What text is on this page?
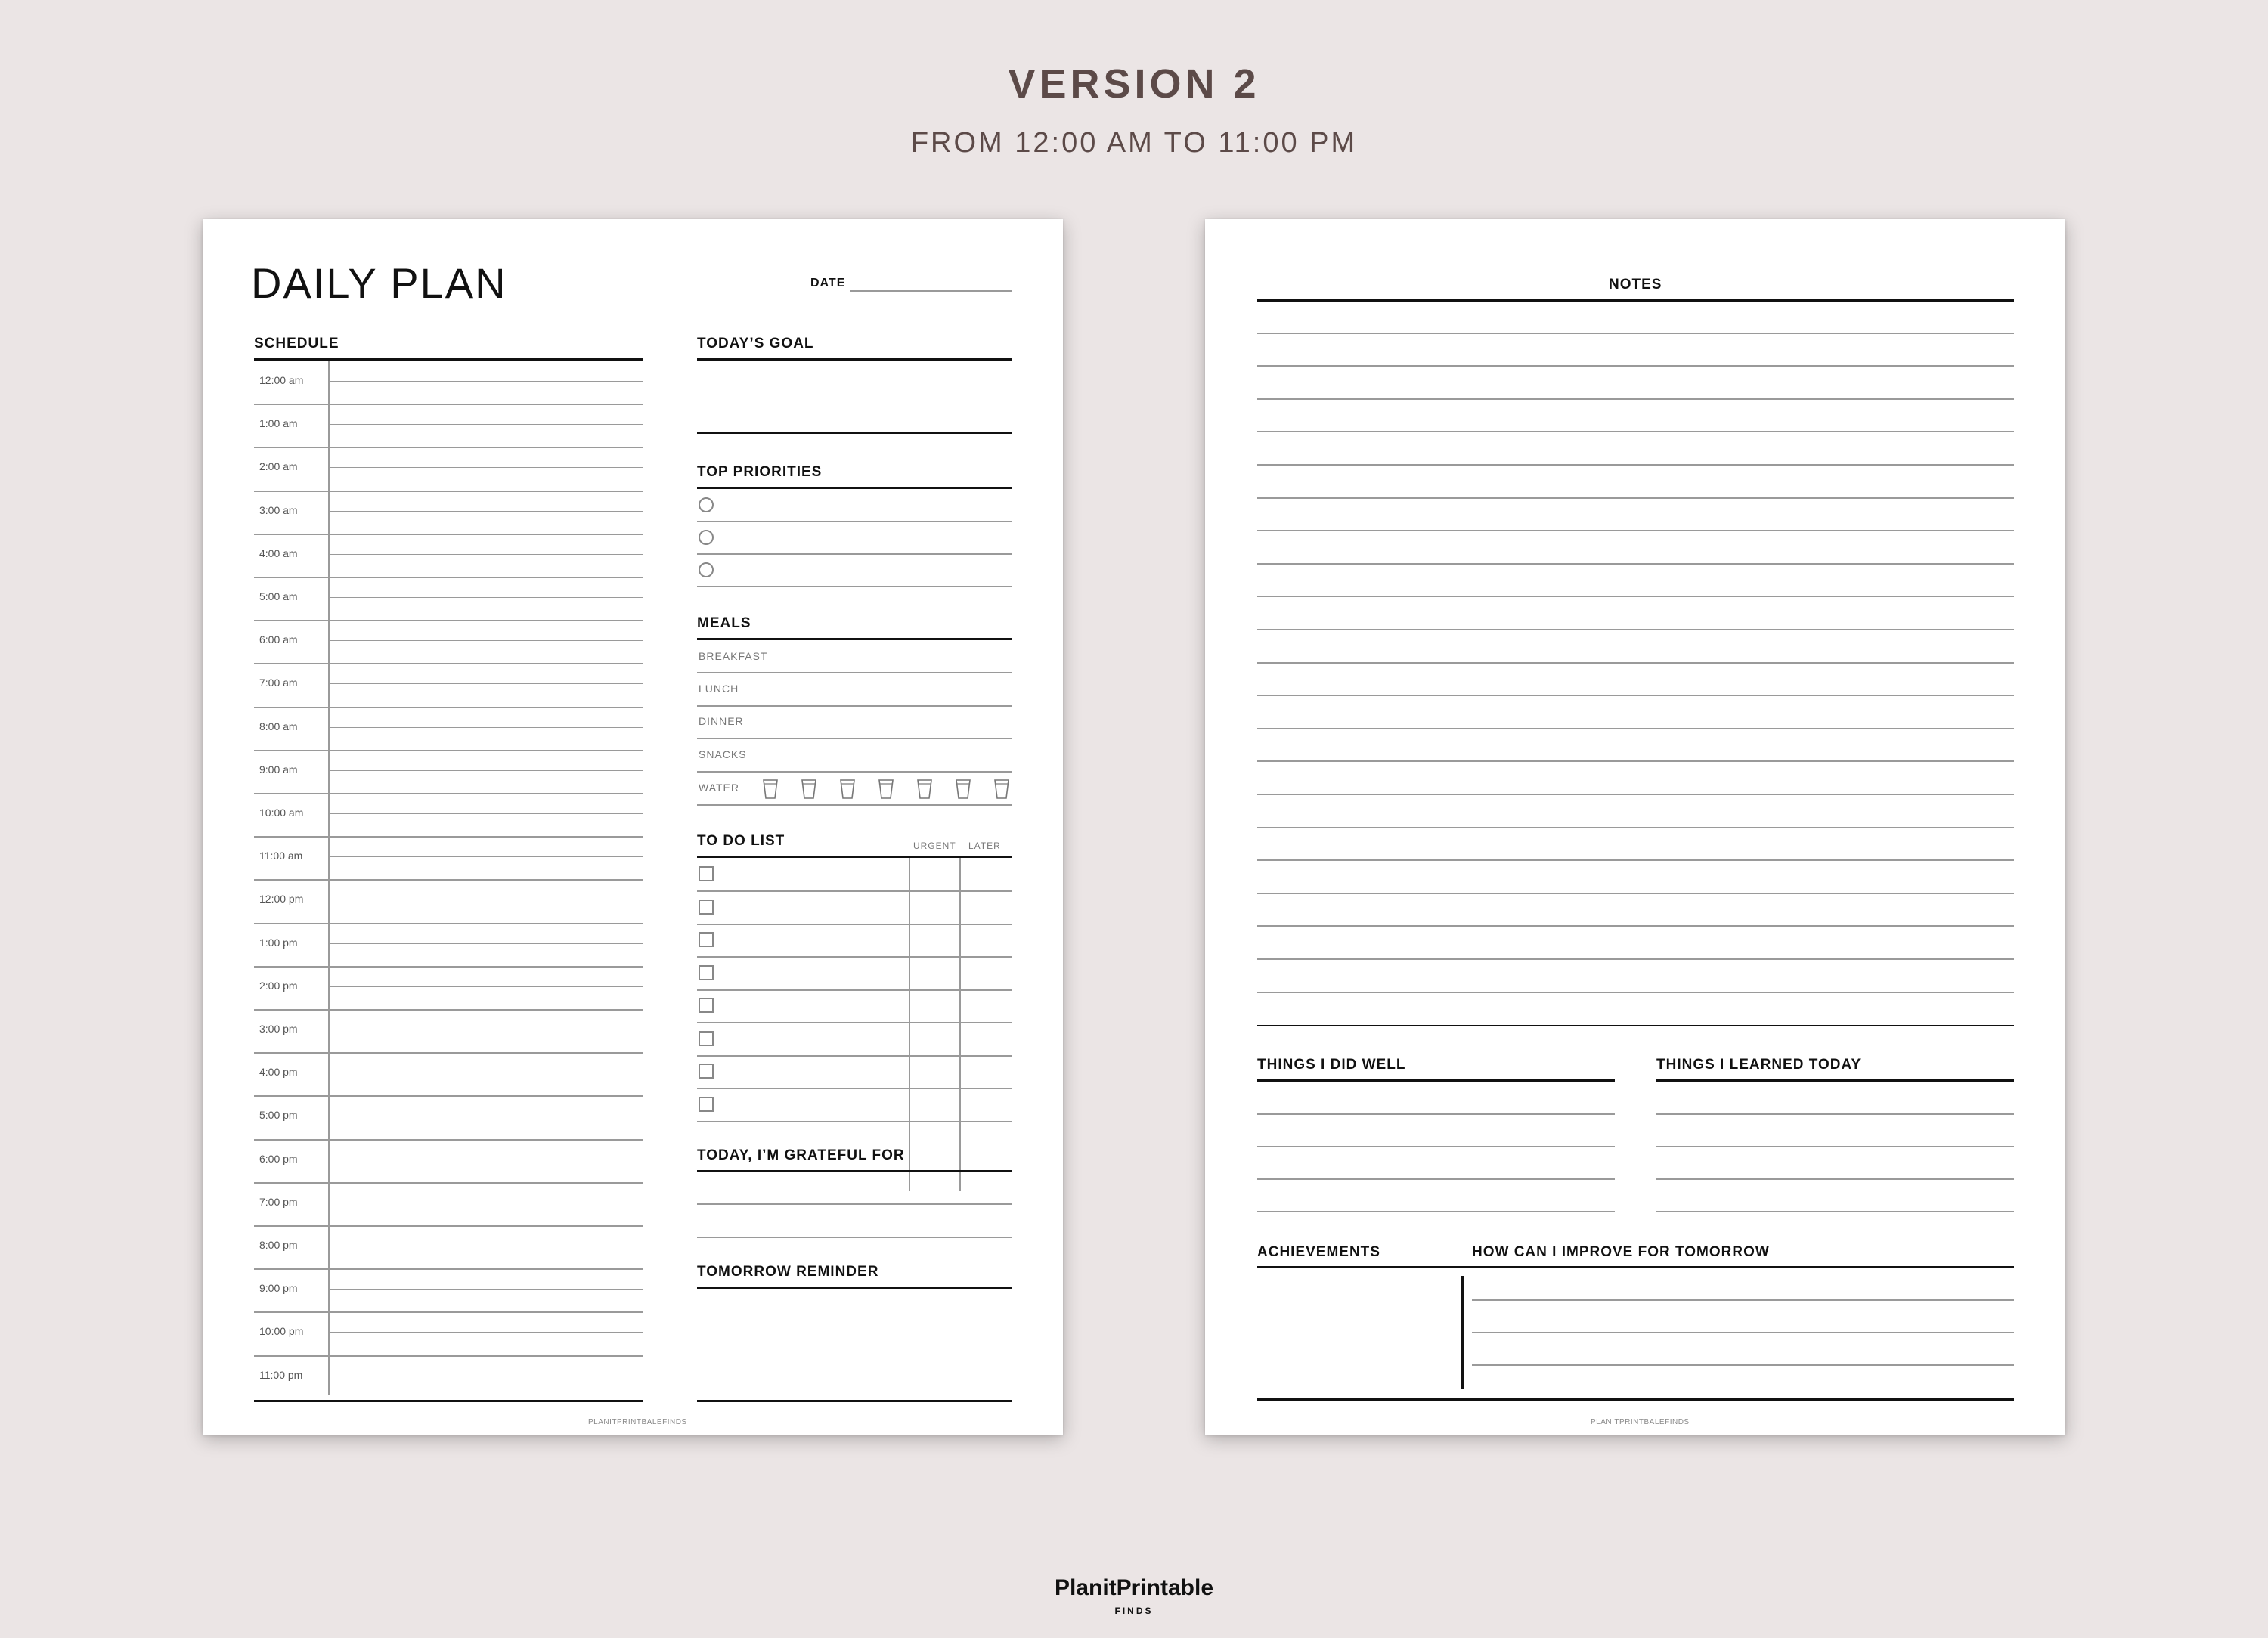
VERSION 2
FROM 12:00 AM TO 11:00 PM
DAILY PLAN	DATE
SCHEDULE
12:00 am
1:00 am
2:00 am
3:00 am
4:00 am
5:00 am
6:00 am
7:00 am
8:00 am
9:00 am
10:00 am
11:00 am
12:00 pm
1:00 pm
2:00 pm
3:00 pm
4:00 pm
5:00 pm
6:00 pm
7:00 pm
8:00 pm
9:00 pm
10:00 pm
11:00 pm
TODAY’S GOAL
TOP PRIORITIES
MEALS
BREAKFAST
LUNCH
DINNER
SNACKS
WATER
TO DO LIST	URGENT LATER
TODAY, I’M GRATEFUL FOR
TOMORROW REMINDER
PLANITPRINTBALEFINDS
NOTES
THINGS I DID WELL	THINGS I LEARNED TODAY
ACHIEVEMENTS	HOW CAN I IMPROVE FOR TOMORROW
PLANITPRINTBALEFINDS
PlanitPrintable
FINDS
